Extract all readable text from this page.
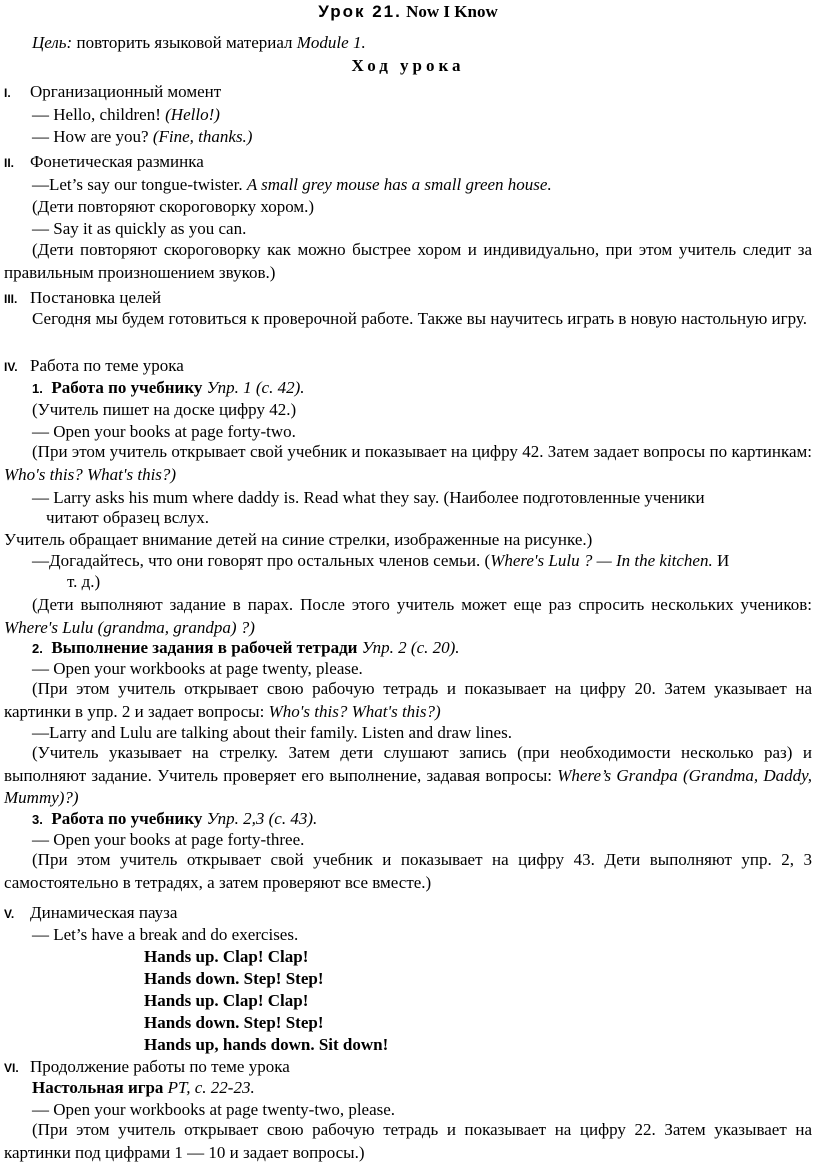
Урок 21. Now I Know
Цель: повторить языковой материал Module 1.
Ход урока
I. Организационный момент
— Hello, children! (Hello!)
— How are you? (Fine, thanks.)
II. Фонетическая разминка
—Let’s say our tongue-twister. A small grey mouse has a small green house.
(Дети повторяют скороговорку хором.)
— Say it as quickly as you can.
(Дети повторяют скороговорку как можно быстрее хором и индивидуально, при этом учитель следит за правильным произношением звуков.)
III. Постановка целей
Сегодня мы будем готовиться к проверочной работе. Также вы научитесь играть в новую настольную игру.
IV. Работа по теме урока
1. Работа по учебнику Упр. 1 (с. 42).
(Учитель пишет на доске цифру 42.)
— Open your books at page forty-two.
(При этом учитель открывает свой учебник и показывает на цифру 42. Затем задает вопросы по картинкам: Who's this? What's this?)
— Larry asks his mum where daddy is. Read what they say. (Наиболее подготовленные ученики
читают образец вслух.
Учитель обращает внимание детей на синие стрелки, изображенные на рисунке.)
—Догадайтесь, что они говорят про остальных членов семьи. (Where's Lulu ? — In the kitchen. И
т. д.)
(Дети выполняют задание в парах. После этого учитель может еще раз спросить нескольких учеников: Where's Lulu (grandma, grandpa) ?)
2. Выполнение задания в рабочей тетради Упр. 2 (с. 20).
— Open your workbooks at page twenty, please.
(При этом учитель открывает свою рабочую тетрадь и показывает на цифру 20. Затем указывает на картинки в упр. 2 и задает вопросы: Who's this? What's this?)
—Larry and Lulu are talking about their family. Listen and draw lines.
(Учитель указывает на стрелку. Затем дети слушают запись (при необходимости несколько раз) и выполняют задание. Учитель проверяет его выполнение, задавая вопросы: Where’s Grandpa (Grandma, Daddy, Mummy)?)
3. Работа по учебнику Упр. 2,3 (с. 43).
— Open your books at page forty-three.
(При этом учитель открывает свой учебник и показывает на цифру 43. Дети выполняют упр. 2, 3 самостоятельно в тетрадях, а затем проверяют все вместе.)
V. Динамическая пауза
— Let’s have a break and do exercises.
Hands up. Clap! Clap!
Hands down. Step! Step!
Hands up. Clap! Clap!
Hands down. Step! Step!
Hands up, hands down. Sit down!
VI. Продолжение работы по теме урока
Настольная игра PT, с. 22-23.
— Open your workbooks at page twenty-two, please.
(При этом учитель открывает свою рабочую тетрадь и показывает на цифру 22. Затем указывает на картинки под цифрами 1 — 10 и задает вопросы.)
